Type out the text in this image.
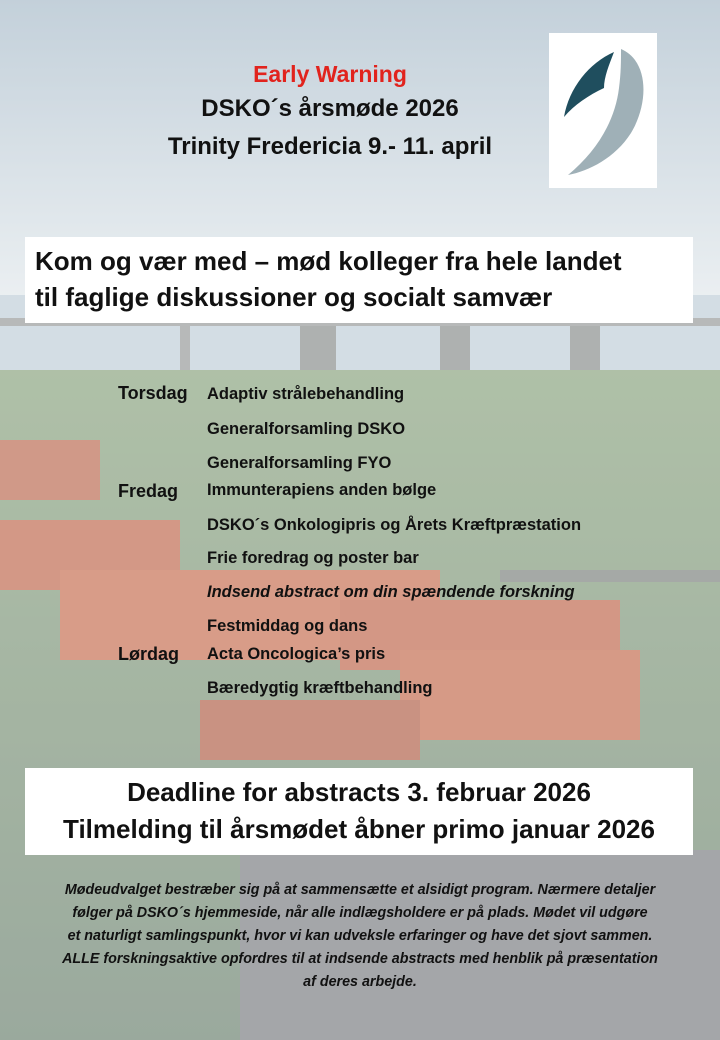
Early Warning
DSKO´s årsmøde 2026
Trinity Fredericia 9.- 11. april
Kom og vær med – mød kolleger fra hele landet
til faglige diskussioner og socialt samvær
Torsdag
Fredag
Lørdag
Adaptiv strålebehandling
Generalforsamling DSKO
Generalforsamling FYO
Immunterapiens anden bølge
DSKO´s Onkologipris og Årets Kræftpræstation
Frie foredrag og poster bar
Indsend abstract om din spændende forskning
Festmiddag og dans
Acta Oncologica’s pris
Bæredygtig kræftbehandling
Deadline for abstracts 3. februar 2026
Tilmelding til årsmødet åbner primo januar 2026
Mødeudvalget bestræber sig på at sammensætte et alsidigt program. Nærmere detaljer
følger på DSKO´s hjemmeside, når alle indlægsholdere er på plads. Mødet vil udgøre
et naturligt samlingspunkt, hvor vi kan udveksle erfaringer og have det sjovt sammen.
ALLE forskningsaktive opfordres til at indsende abstracts med henblik på præsentation
af deres arbejde.
